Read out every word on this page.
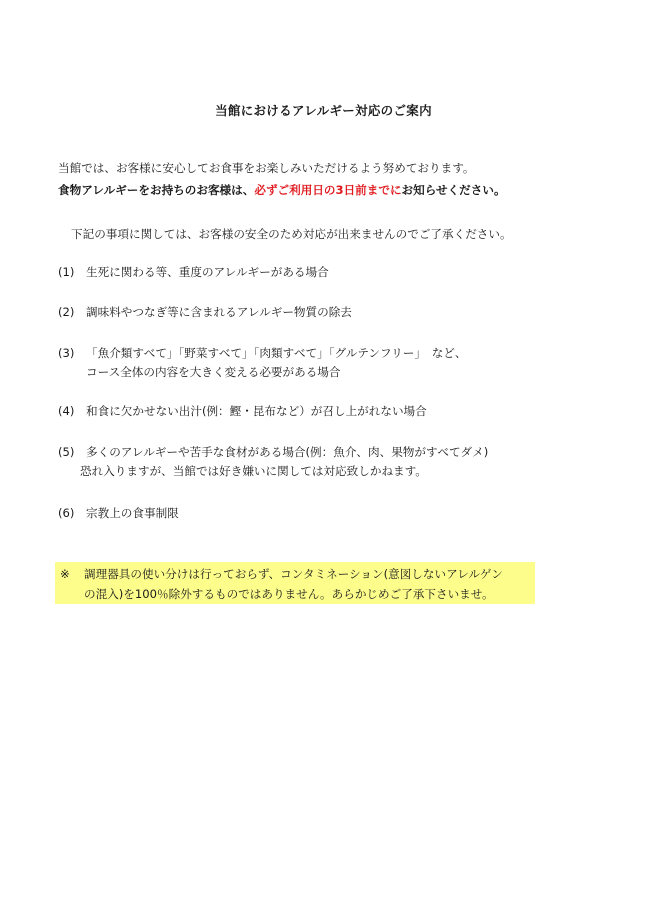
当館におけるアレルギー対応のご案内
当館では、お客様に安心してお食事をお楽しみいただけるよう努めております。
食物アレルギーをお持ちのお客様は、必ずご利用日の3日前までにお知らせください。
下記の事項に関しては、お客様の安全のため対応が出来ませんのでご了承ください。
(1) 生死に関わる等、重度のアレルギーがある場合
(2) 調味料やつなぎ等に含まれるアレルギー物質の除去
(3) 「魚介類すべて」「野菜すべて」「肉類すべて」「グルテンフリー」　など、
コース全体の内容を大きく変える必要がある場合
(4) 和食に欠かせない出汁(例：鰹・昆布など）が召し上がれない場合
(5) 多くのアレルギーや苦手な食材がある場合(例：魚介、肉、果物がすべてダメ)
恐れ入りますが、当館では好き嫌いに関しては対応致しかねます。
(6) 宗教上の食事制限
※ 調理器具の使い分けは行っておらず、コンタミネーション(意図しないアレルゲン
の混入)を100％除外するものではありません。あらかじめご了承下さいませ。
